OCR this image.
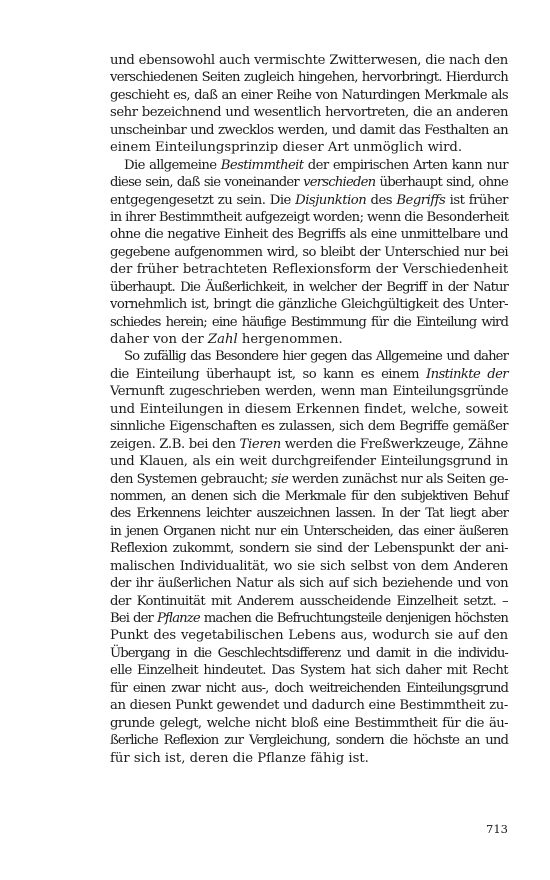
und ebensowohl auch vermischte Zwitterwesen, die nach den
verschiedenen Seiten zugleich hingehen, hervorbringt. Hierdurch
geschieht es, daß an einer Reihe von Naturdingen Merkmale als
sehr bezeichnend und wesentlich hervortreten, die an anderen
unscheinbar und zwecklos werden, und damit das Festhalten an
einem Einteilungsprinzip dieser Art unmöglich wird.
Die allgemeine Bestimmtheit der empirischen Arten kann nur
diese sein, daß sie voneinander verschieden überhaupt sind, ohne
entgegengesetzt zu sein. Die Disjunktion des Begriffs ist früher
in ihrer Bestimmtheit aufgezeigt worden; wenn die Besonderheit
ohne die negative Einheit des Begriffs als eine unmittelbare und
gegebene aufgenommen wird, so bleibt der Unterschied nur bei
der früher betrachteten Reflexionsform der Verschiedenheit
überhaupt. Die Äußerlichkeit, in welcher der Begriff in der Natur
vornehmlich ist, bringt die gänzliche Gleichgültigkeit des Unter-
schiedes herein; eine häufige Bestimmung für die Einteilung wird
daher von der Zahl hergenommen.
So zufällig das Besondere hier gegen das Allgemeine und daher
die Einteilung überhaupt ist, so kann es einem Instinkte der
Vernunft zugeschrieben werden, wenn man Einteilungsgründe
und Einteilungen in diesem Erkennen findet, welche, soweit
sinnliche Eigenschaften es zulassen, sich dem Begriffe gemäßer
zeigen. Z.B. bei den Tieren werden die Freßwerkzeuge, Zähne
und Klauen, als ein weit durchgreifender Einteilungsgrund in
den Systemen gebraucht; sie werden zunächst nur als Seiten ge-
nommen, an denen sich die Merkmale für den subjektiven Behuf
des Erkennens leichter auszeichnen lassen. In der Tat liegt aber
in jenen Organen nicht nur ein Unterscheiden, das einer äußeren
Reflexion zukommt, sondern sie sind der Lebenspunkt der ani-
malischen Individualität, wo sie sich selbst von dem Anderen
der ihr äußerlichen Natur als sich auf sich beziehende und von
der Kontinuität mit Anderem ausscheidende Einzelheit setzt. –
Bei der Pflanze machen die Befruchtungsteile denjenigen höchsten
Punkt des vegetabilischen Lebens aus, wodurch sie auf den
Übergang in die Geschlechtsdifferenz und damit in die individu-
elle Einzelheit hindeutet. Das System hat sich daher mit Recht
für einen zwar nicht aus-, doch weitreichenden Einteilungsgrund
an diesen Punkt gewendet und dadurch eine Bestimmtheit zu-
grunde gelegt, welche nicht bloß eine Bestimmtheit für die äu-
ßerliche Reflexion zur Vergleichung, sondern die höchste an und
für sich ist, deren die Pflanze fähig ist.
713
